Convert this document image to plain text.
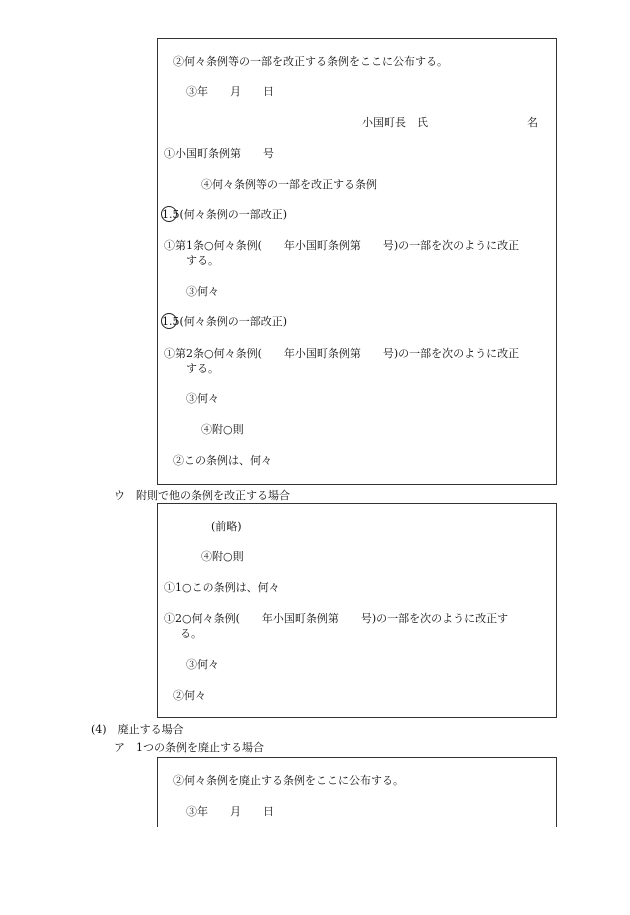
②何々条例等の一部を改正する条例をここに公布する。
③年　　月　　日
小国町長　氏	名
①小国町条例第　　号
④何々条例等の一部を改正する条例
1.5(何々条例の一部改正)
①第1条○何々条例(　　年小国町条例第　　号)の一部を次のように改正
する。
③何々
1.5(何々条例の一部改正)
①第2条○何々条例(　　年小国町条例第　　号)の一部を次のように改正
する。
③何々
④附○則
②この条例は、何々
ウ　附則で他の条例を改正する場合
(前略)
④附○則
①1○この条例は、何々
①2○何々条例(　　年小国町条例第　　号)の一部を次のように改正す
る。
③何々
②何々
(4)　廃止する場合
ア　1つの条例を廃止する場合
②何々条例を廃止する条例をここに公布する。
③年　　月　　日
